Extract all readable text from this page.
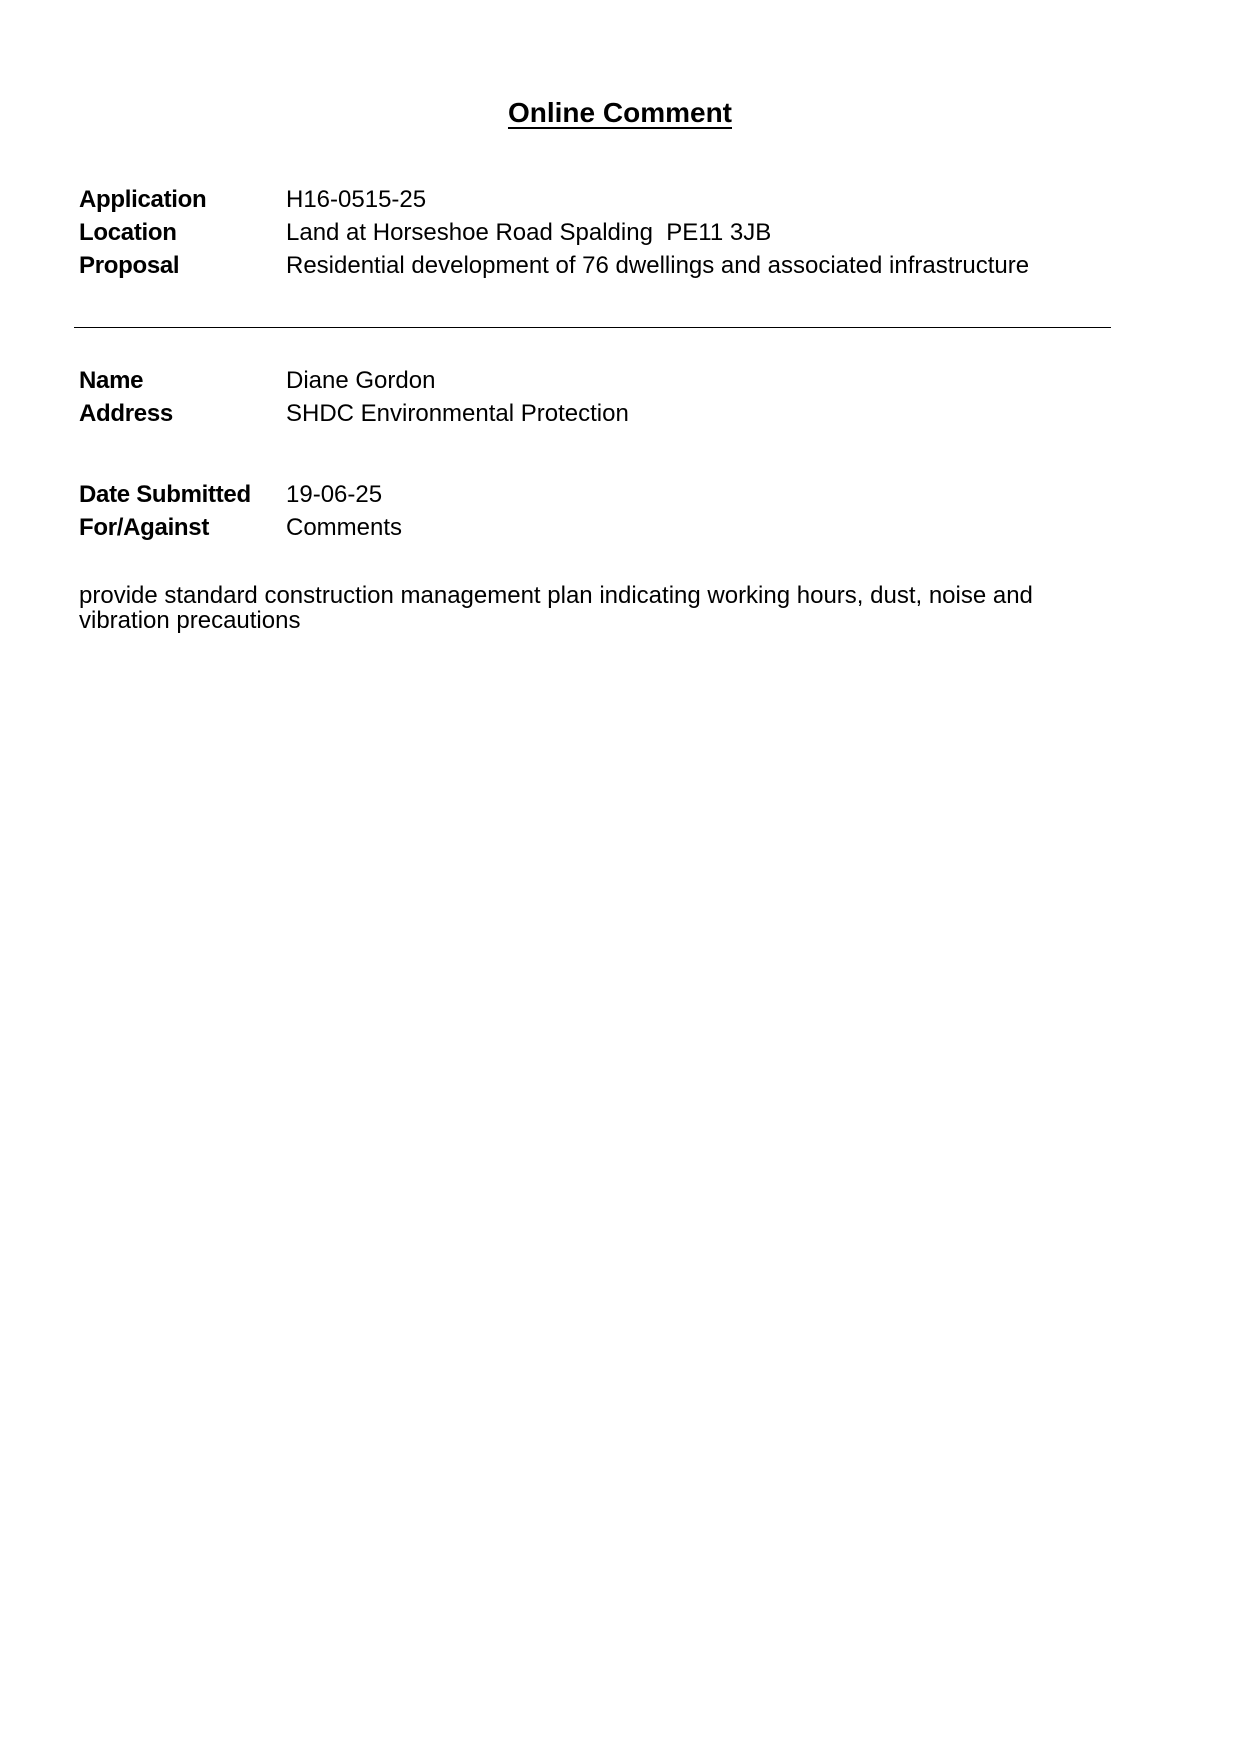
Online Comment
Application	H16-0515-25
Location	Land at Horseshoe Road Spalding  PE11 3JB
Proposal	Residential development of 76 dwellings and associated infrastructure
Name	Diane Gordon
Address	SHDC Environmental Protection
Date Submitted 19-06-25
For/Against	Comments
provide standard construction management plan indicating working hours, dust, noise and vibration precautions
